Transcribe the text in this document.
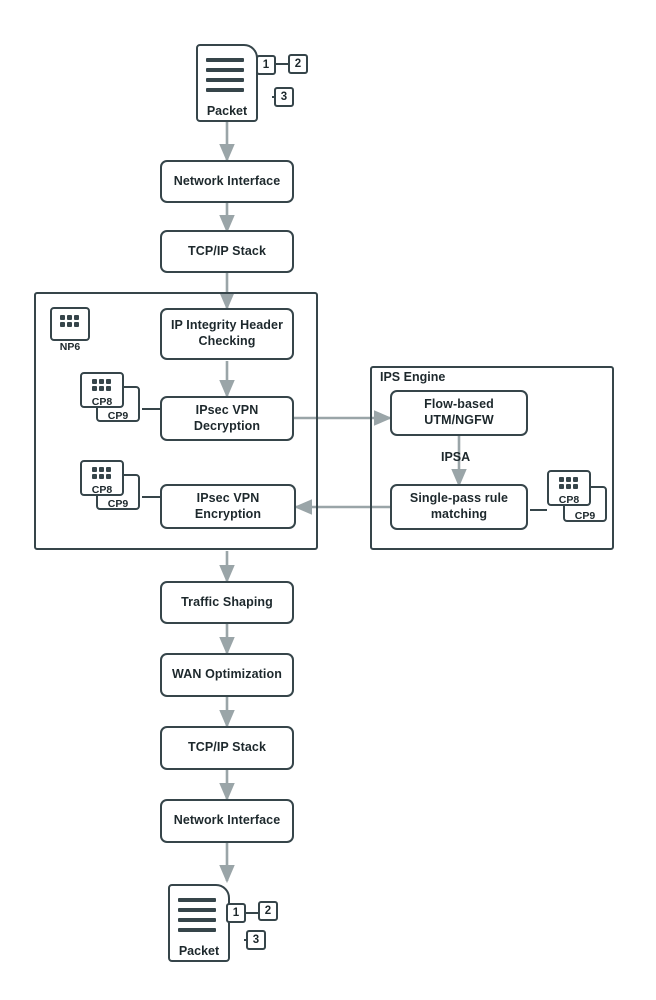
Packet
1	2
3
Network Interface
TCP/IP Stack
NP6
IP Integrity Header Checking
CP8
CP9	IPsec VPN Decryption
CP8
CP9	IPsec VPN Encryption
IPS Engine
Flow-based UTM/NGFW
IPSA
Single-pass rule matching
CP8
CP9
Traffic Shaping
WAN Optimization
TCP/IP Stack
Network Interface
Packet
1	2
3
